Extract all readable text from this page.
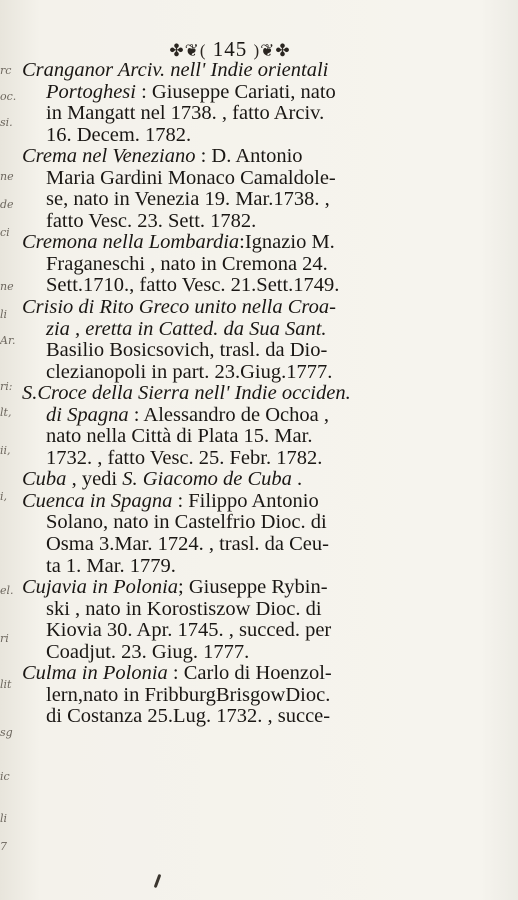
rc
oc.
si.
ne
de
ci
ne
li
Ar.
ri:
lt,
ii,
i,
el.
ri
lit
sg
ic
li
7
✤❦( 145 )❦✤
Cranganor Arciv. nell' Indie orientali
Portoghesi : Giuseppe Cariati, nato
in Mangatt nel 1738. , fatto Arciv.
16. Decem. 1782.
Crema nel Veneziano : D. Antonio
Maria Gardini Monaco Camaldole-
se, nato in Venezia 19. Mar.1738. ,
fatto Vesc. 23. Sett. 1782.
Cremona nella Lombardia:Ignazio M.
Fraganeschi , nato in Cremona 24.
Sett.1710., fatto Vesc. 21.Sett.1749.
Crisio di Rito Greco unito nella Croa-
zia , eretta in Catted. da Sua Sant.
Basilio Bosicsovich, trasl. da Dio-
clezianopoli in part. 23.Giug.1777.
S.Croce della Sierra nell' Indie occiden.
di Spagna : Alessandro de Ochoa ,
nato nella Città di Plata 15. Mar.
1732. , fatto Vesc. 25. Febr. 1782.
Cuba , yedi S. Giacomo de Cuba .
Cuenca in Spagna : Filippo Antonio
Solano, nato in Castelfrio Dioc. di
Osma 3.Mar. 1724. , trasl. da Ceu-
ta 1. Mar. 1779.
Cujavia in Polonia; Giuseppe Rybin-
ski , nato in Korostiszow Dioc. di
Kiovia 30. Apr. 1745. , succed. per
Coadjut. 23. Giug. 1777.
Culma in Polonia : Carlo di Hoenzol-
lern,nato in FribburgBrisgowDioc.
di Costanza 25.Lug. 1732. , succe-
